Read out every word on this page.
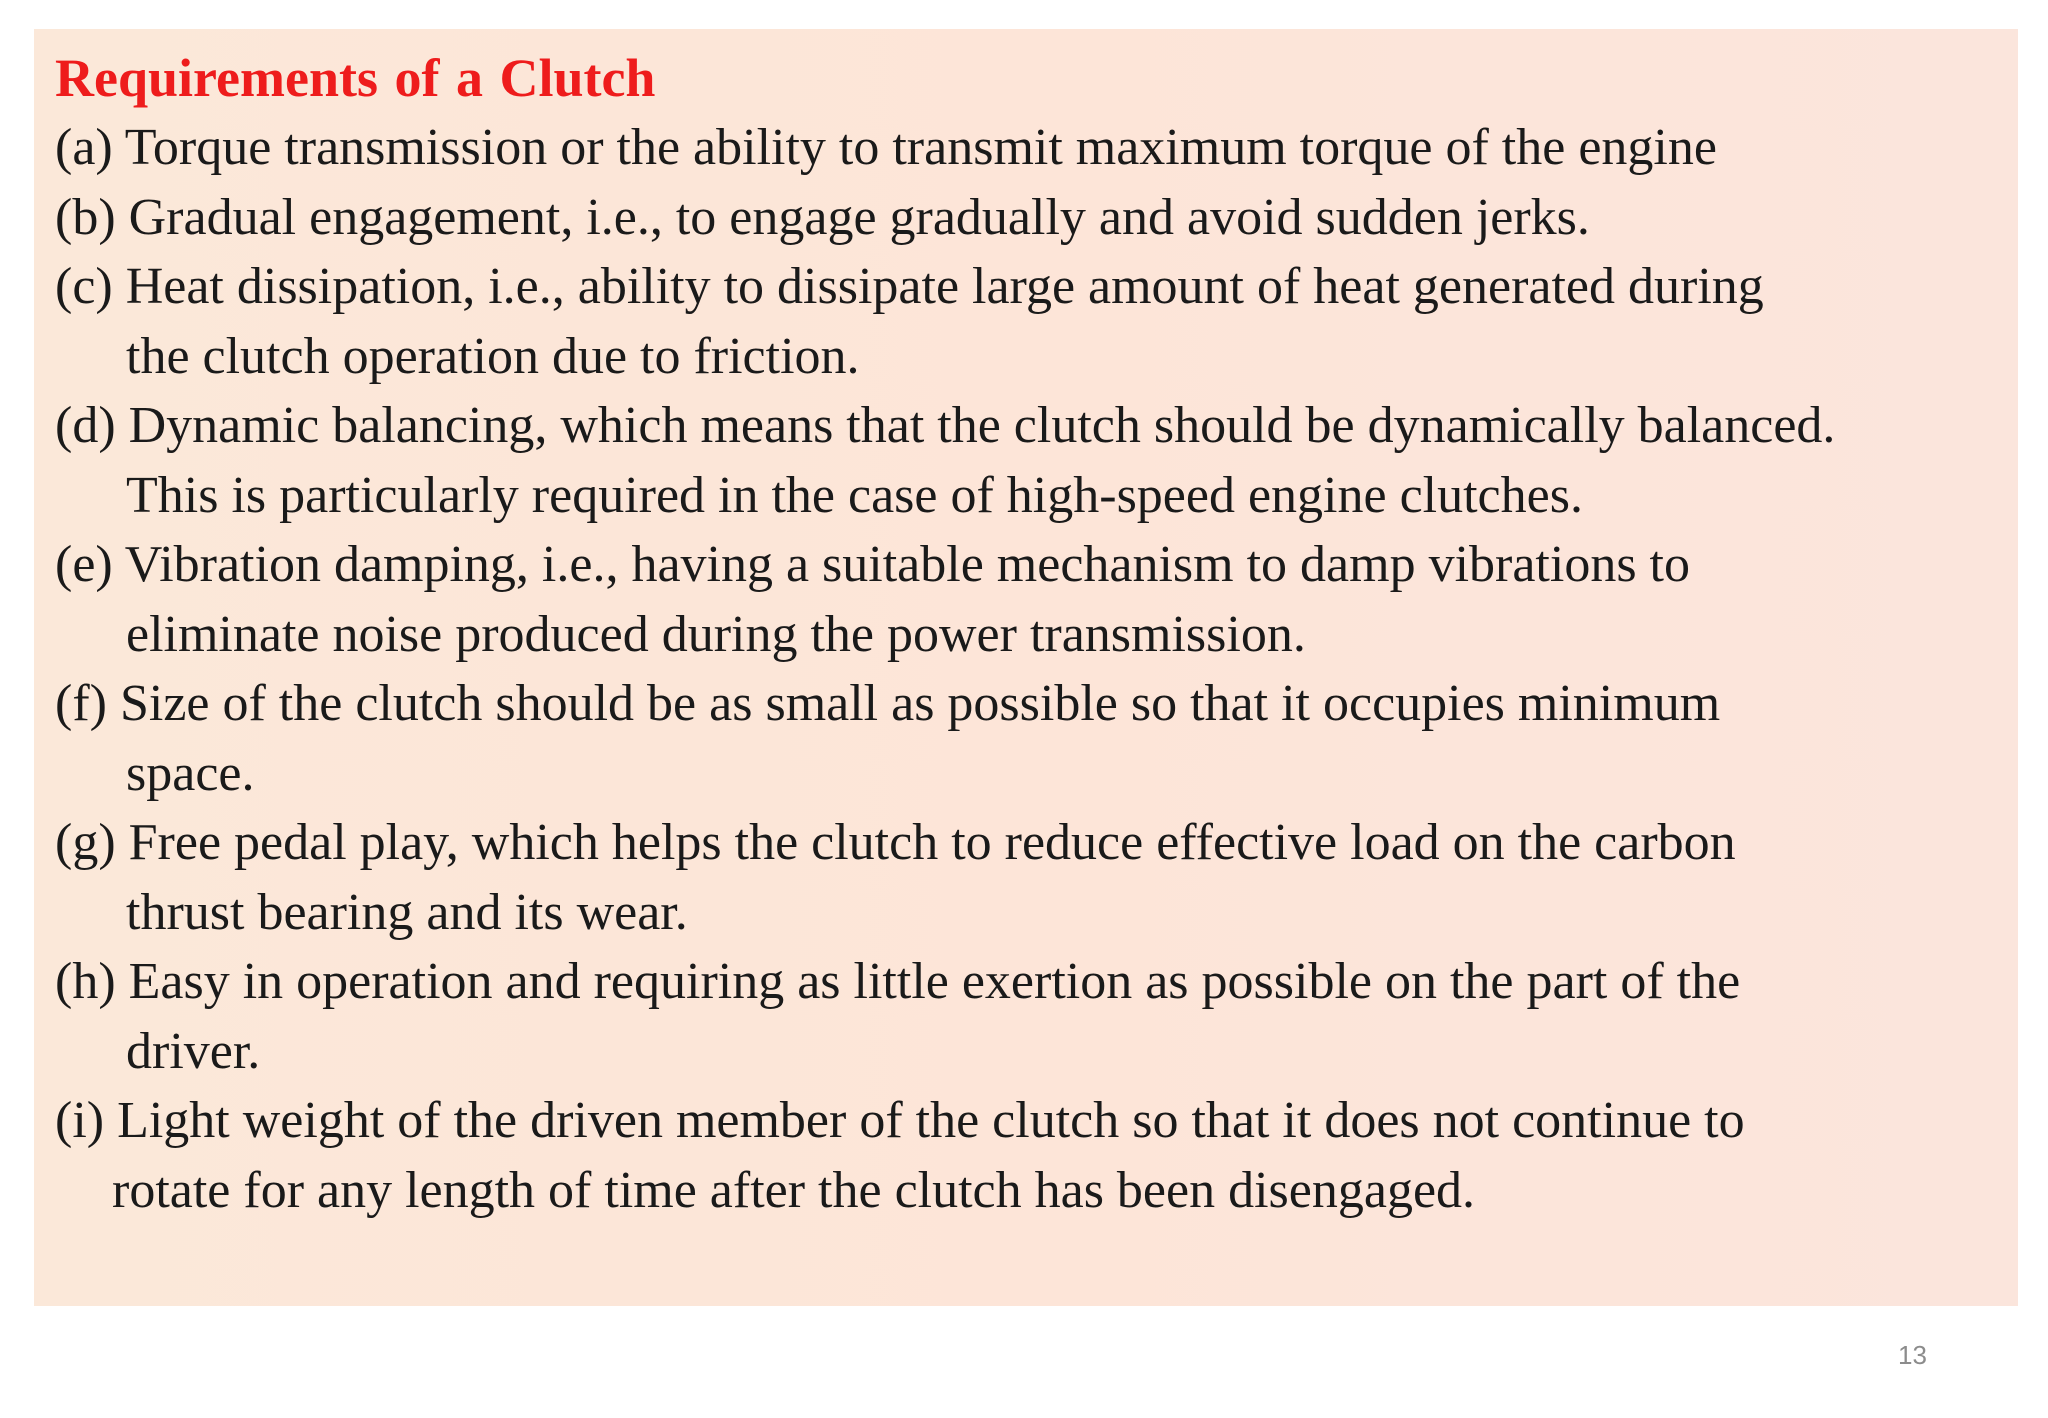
Requirements of a Clutch
(a) Torque transmission or the ability to transmit maximum torque of the engine
(b) Gradual engagement, i.e., to engage gradually and avoid sudden jerks.
(c) Heat dissipation, i.e., ability to dissipate large amount of heat generated during
the clutch operation due to friction.
(d) Dynamic balancing, which means that the clutch should be dynamically balanced.
This is particularly required in the case of high-speed engine clutches.
(e) Vibration damping, i.e., having a suitable mechanism to damp vibrations to
eliminate noise produced during the power transmission.
(f) Size of the clutch should be as small as possible so that it occupies minimum
space.
(g) Free pedal play, which helps the clutch to reduce effective load on the carbon
thrust bearing and its wear.
(h) Easy in operation and requiring as little exertion as possible on the part of the
driver.
(i) Light weight of the driven member of the clutch so that it does not continue to
rotate for any length of time after the clutch has been disengaged.
13
